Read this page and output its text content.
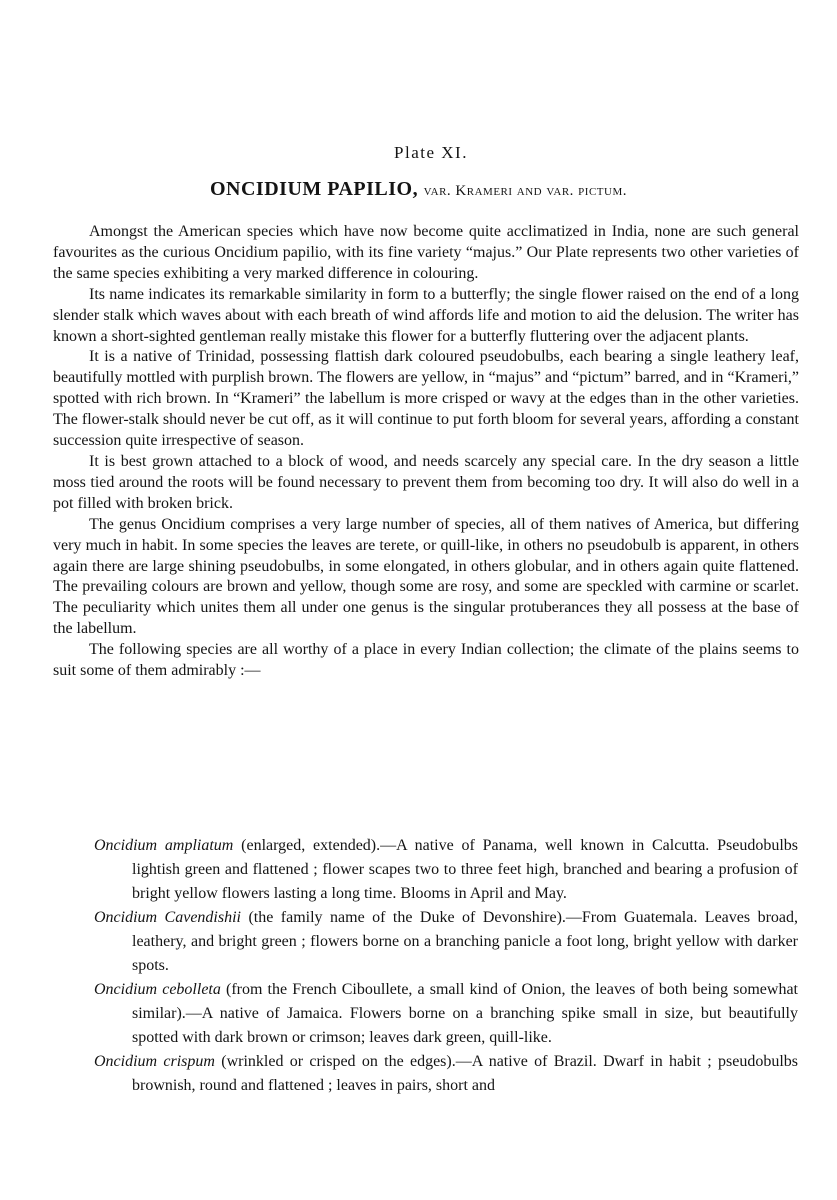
Plate XI.
ONCIDIUM PAPILIO, var. Krameri and var. pictum.

Amongst the American species which have now become quite acclimatized in India, none are such general favourites as the curious Oncidium papilio, with its fine variety “majus.” Our Plate represents two other varieties of the same species exhibiting a very marked difference in colouring.

Its name indicates its remarkable similarity in form to a butterfly; the single flower raised on the end of a long slender stalk which waves about with each breath of wind affords life and motion to aid the delusion. The writer has known a short-sighted gentleman really mistake this flower for a butterfly fluttering over the adjacent plants.

It is a native of Trinidad, possessing flattish dark coloured pseudobulbs, each bearing a single leathery leaf, beautifully mottled with purplish brown. The flowers are yellow, in “majus” and “pictum” barred, and in “Krameri,” spotted with rich brown. In “Krameri” the labellum is more crisped or wavy at the edges than in the other varieties. The flower-stalk should never be cut off, as it will continue to put forth bloom for several years, affording a constant succession quite irrespective of season.

It is best grown attached to a block of wood, and needs scarcely any special care. In the dry season a little moss tied around the roots will be found necessary to prevent them from becoming too dry. It will also do well in a pot filled with broken brick.

The genus Oncidium comprises a very large number of species, all of them natives of America, but differing very much in habit. In some species the leaves are terete, or quill-like, in others no pseudobulb is apparent, in others again there are large shining pseudobulbs, in some elongated, in others globular, and in others again quite flattened. The prevailing colours are brown and yellow, though some are rosy, and some are speckled with carmine or scarlet. The peculiarity which unites them all under one genus is the singular protuberances they all possess at the base of the labellum.

The following species are all worthy of a place in every Indian collection; the climate of the plains seems to suit some of them admirably :—

Oncidium ampliatum (enlarged, extended).—A native of Panama, well known in Calcutta. Pseudobulbs lightish green and flattened ; flower scapes two to three feet high, branched and bearing a profusion of bright yellow flowers lasting a long time. Blooms in April and May.
Oncidium Cavendishii (the family name of the Duke of Devonshire).—From Guatemala. Leaves broad, leathery, and bright green ; flowers borne on a branching panicle a foot long, bright yellow with darker spots.
Oncidium cebolleta (from the French Ciboullete, a small kind of Onion, the leaves of both being somewhat similar).—A native of Jamaica. Flowers borne on a branching spike small in size, but beautifully spotted with dark brown or crimson; leaves dark green, quill-like.
Oncidium crispum (wrinkled or crisped on the edges).—A native of Brazil. Dwarf in habit ; pseudobulbs brownish, round and flattened ; leaves in pairs, short and
